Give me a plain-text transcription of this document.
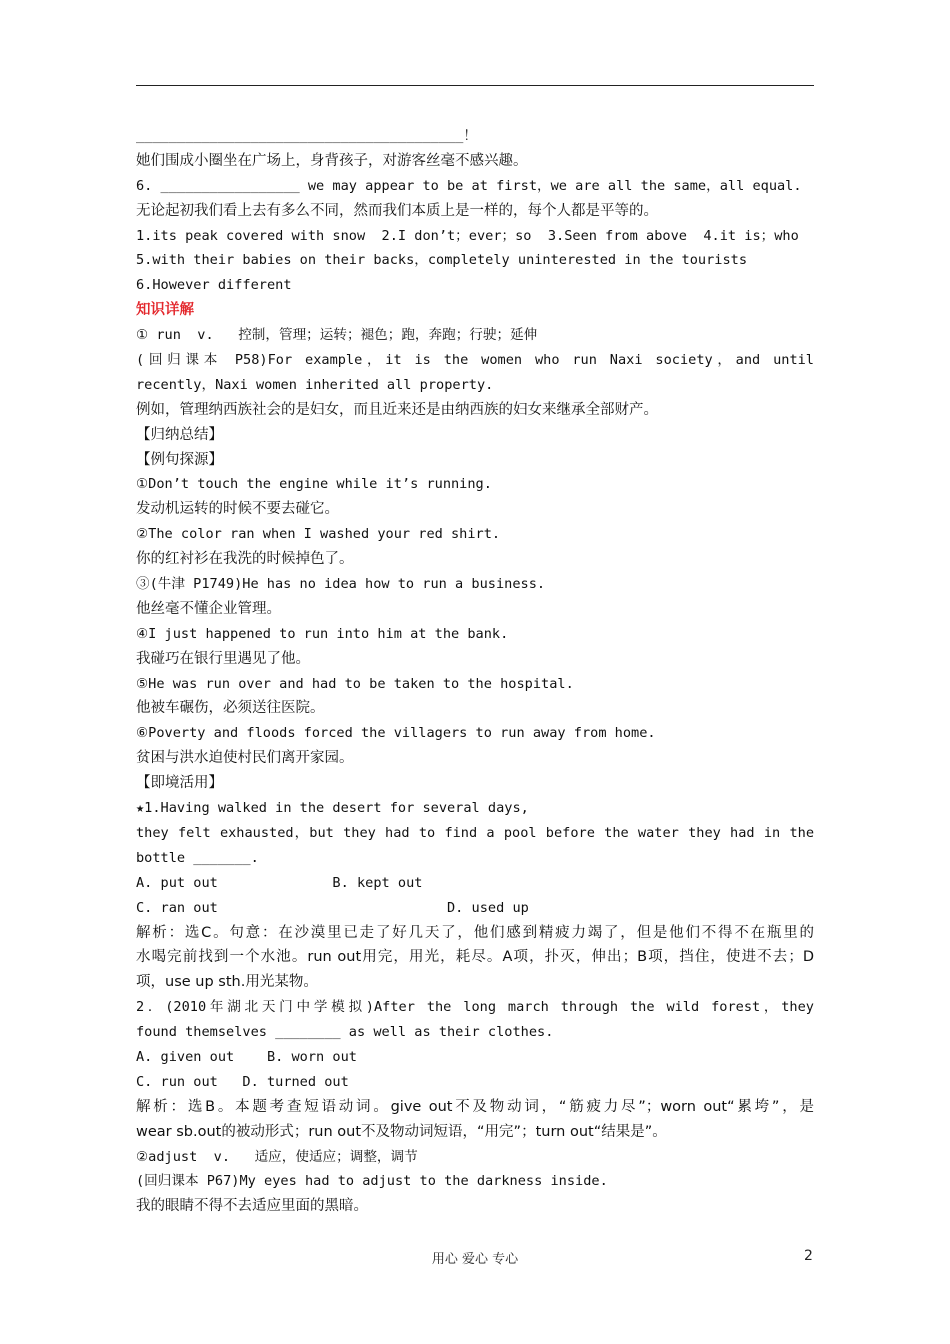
________________________________________！
她们围成小圈坐在广场上，身背孩子，对游客丝毫不感兴趣。
6. _________________ we may appear to be at first，we are all the same，all equal.
无论起初我们看上去有多么不同，然而我们本质上是一样的，每个人都是平等的。
1.its peak covered with snow  2.I don’t；ever；so  3.Seen from above  4.it is；who
5.with their babies on their backs，completely uninterested in the tourists
6.However different
知识详解
① run  v.   控制，管理；运转；褪色；跑，奔跑；行驶；延伸
(回归课本 P58)For example，it is the women who run Naxi society，and until
recently，Naxi women inherited all property.
例如，管理纳西族社会的是妇女，而且近来还是由纳西族的妇女来继承全部财产。
【归纳总结】
【例句探源】
①Don’t touch the engine while it’s running.
发动机运转的时候不要去碰它。
②The color ran when I washed your red shirt.
你的红衬衫在我洗的时候掉色了。
③(牛津 P1749)He has no idea how to run a business.
他丝毫不懂企业管理。
④I just happened to run into him at the bank.
我碰巧在银行里遇见了他。
⑤He was run over and had to be taken to the hospital.
他被车碾伤，必须送往医院。
⑥Poverty and floods forced the villagers to run away from home.
贫困与洪水迫使村民们离开家园。
【即境活用】
★1.Having walked in the desert for several days,
they felt exhausted，but they had to find a pool before the water they had in the
bottle _______.
A. put out              B. kept out
C. ran out                            D. used up
解析：选C。句意：在沙漠里已走了好几天了，他们感到精疲力竭了，但是他们不得不在瓶里的
水喝完前找到一个水池。run out用完，用光，耗尽。A项，扑灭，伸出；B项，挡住，使进不去；D
项，use up sth.用光某物。
2．(2010年湖北天门中学模拟)After the long march through the wild forest，they
found themselves ________ as well as their clothes.
A. given out    B. worn out
C. run out   D. turned out
解析：选B。本题考查短语动词。give out不及物动词，“筋疲力尽”；worn out“累垮”，是
wear sb.out的被动形式；run out不及物动词短语，“用完”；turn out“结果是”。
②adjust  v.   适应，使适应；调整，调节
(回归课本 P67)My eyes had to adjust to the darkness inside.
我的眼睛不得不去适应里面的黑暗。
用心 爱心 专心	2
